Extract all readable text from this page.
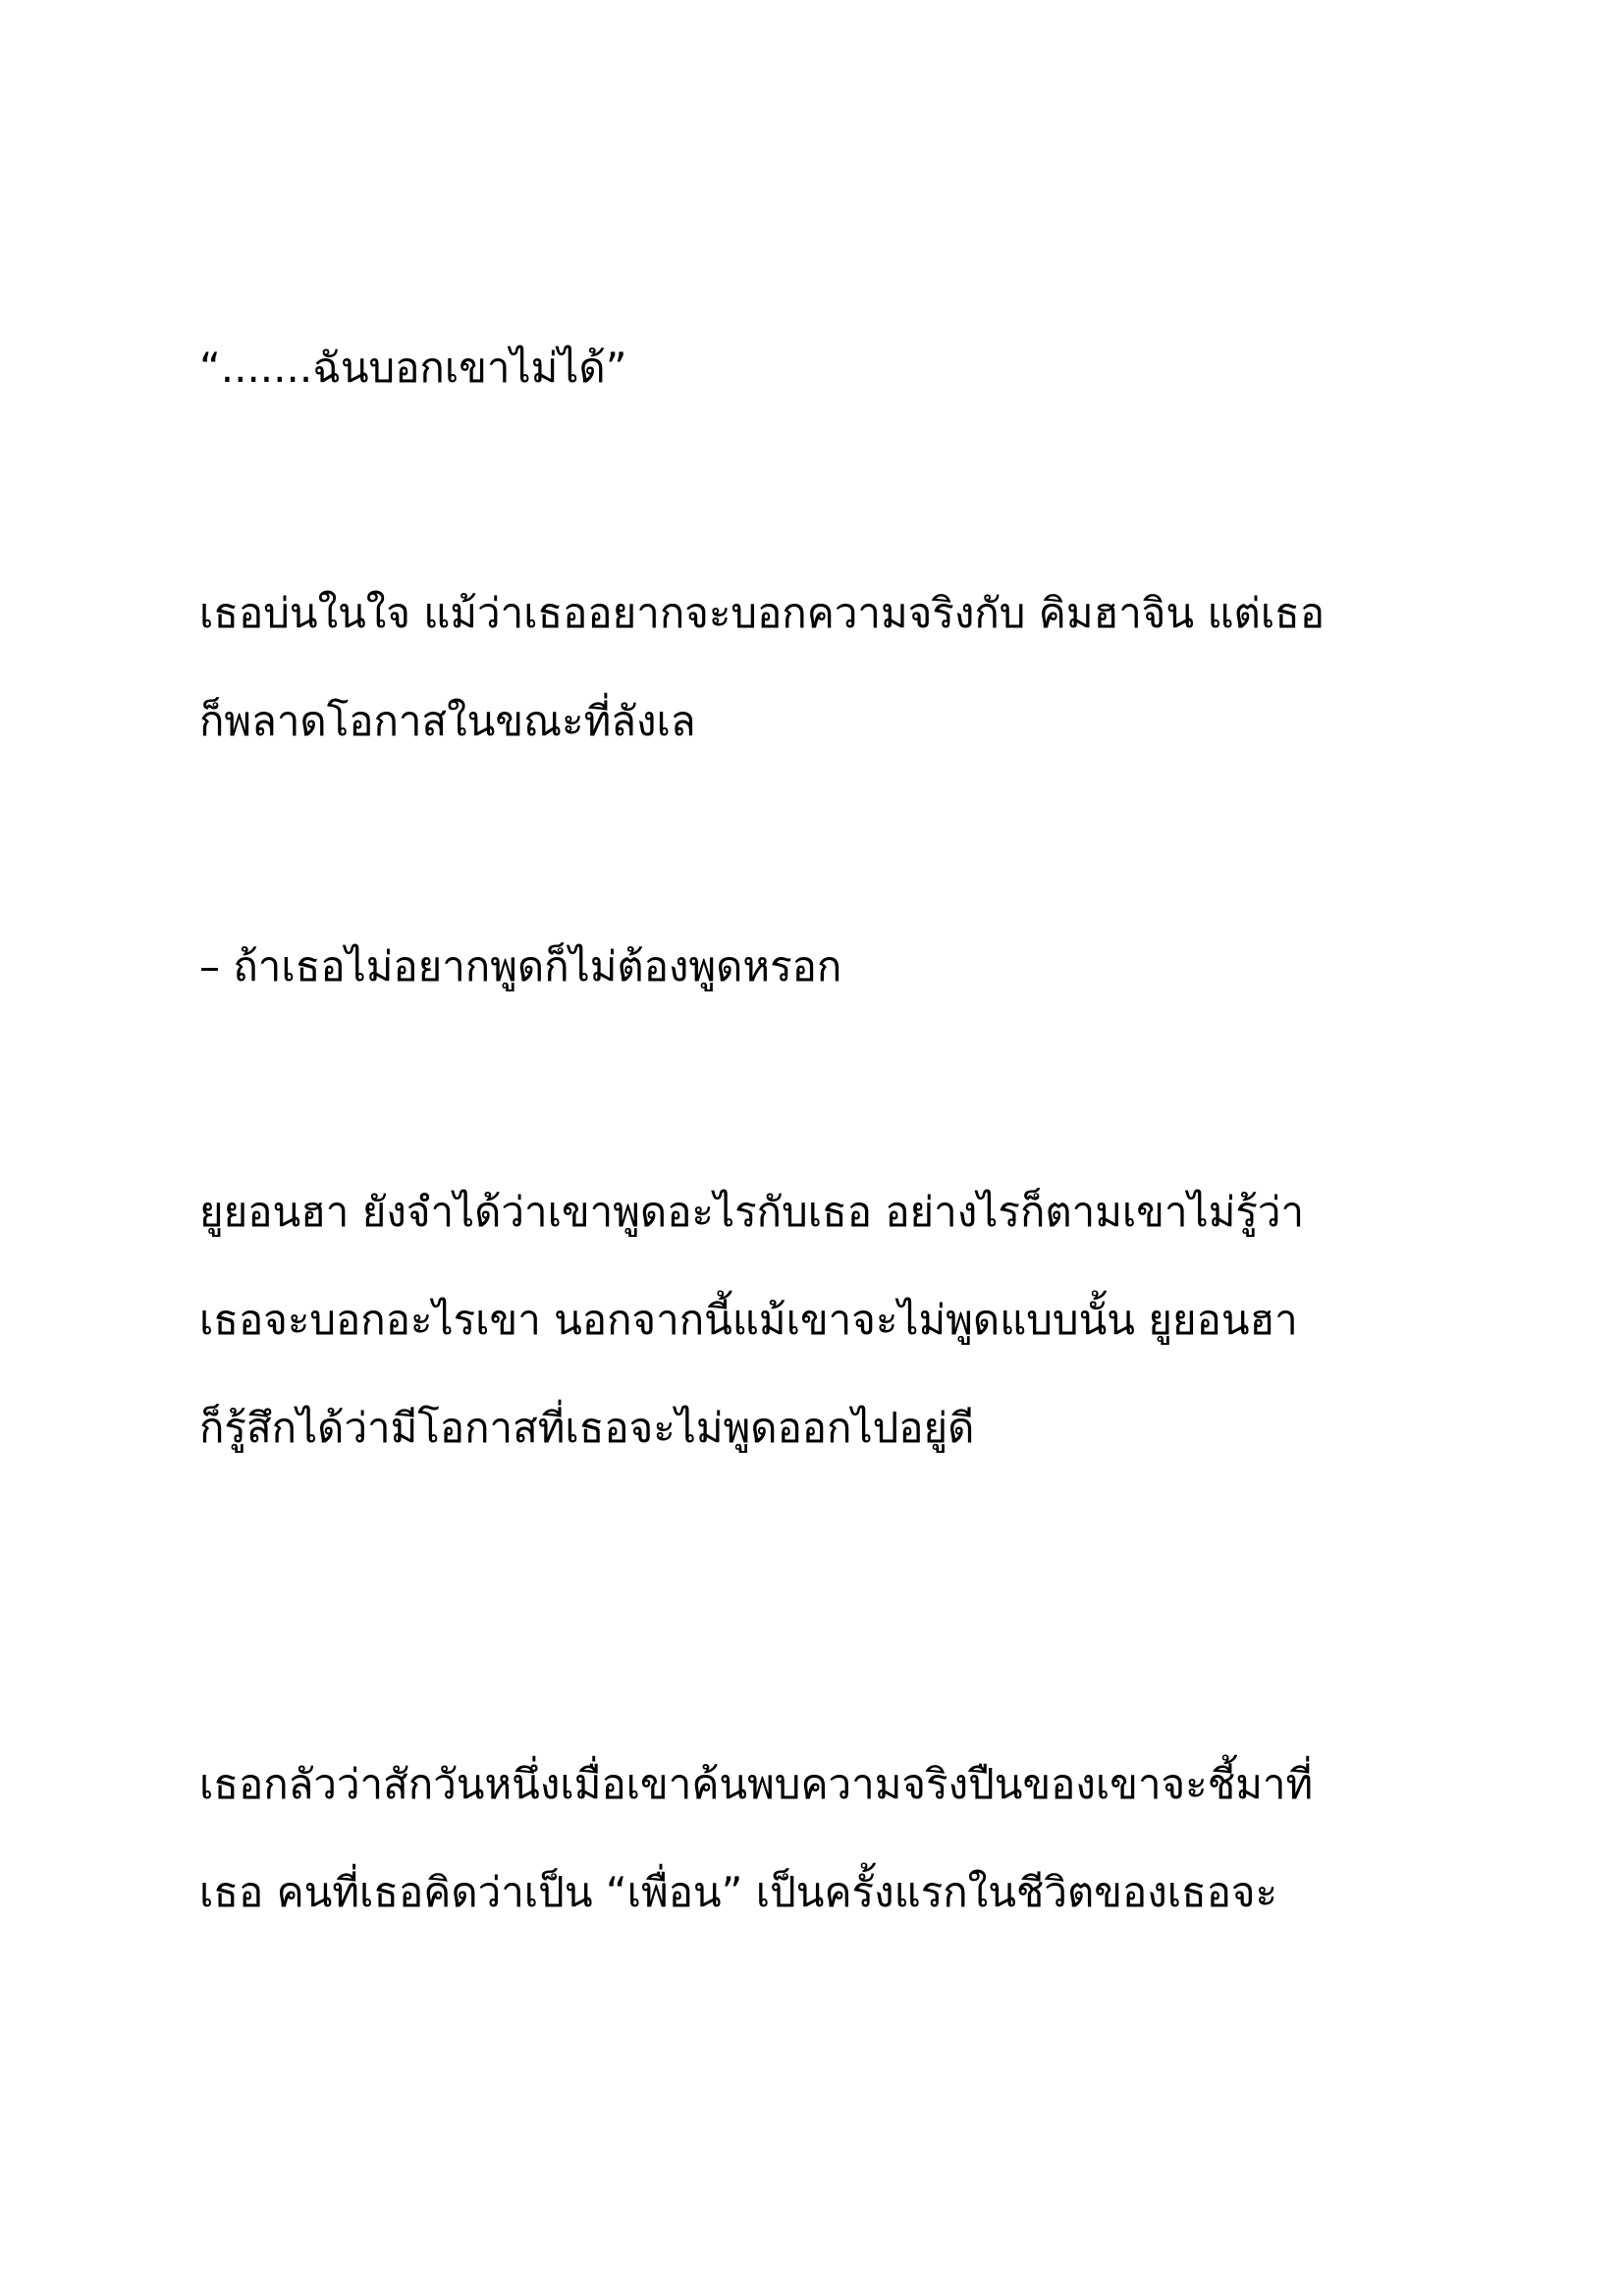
“.......ฉันบอกเขาไม่ได้”
เธอบ่นในใจ แม้ว่าเธออยากจะบอกความจริงกับ คิมฮาจิน แต่เธอ
ก็พลาดโอกาสในขณะที่ลังเล
– ถ้าเธอไม่อยากพูดก็ไม่ต้องพูดหรอก
ยูยอนฮา ยังจำได้ว่าเขาพูดอะไรกับเธอ อย่างไรก็ตามเขาไม่รู้ว่า
เธอจะบอกอะไรเขา นอกจากนี้แม้เขาจะไม่พูดแบบนั้น ยูยอนฮา
ก็รู้สึกได้ว่ามีโอกาสที่เธอจะไม่พูดออกไปอยู่ดี
เธอกลัวว่าสักวันหนึ่งเมื่อเขาค้นพบความจริงปืนของเขาจะชี้มาที่
เธอ คนที่เธอคิดว่าเป็น “เพื่อน” เป็นครั้งแรกในชีวิตของเธอจะ
